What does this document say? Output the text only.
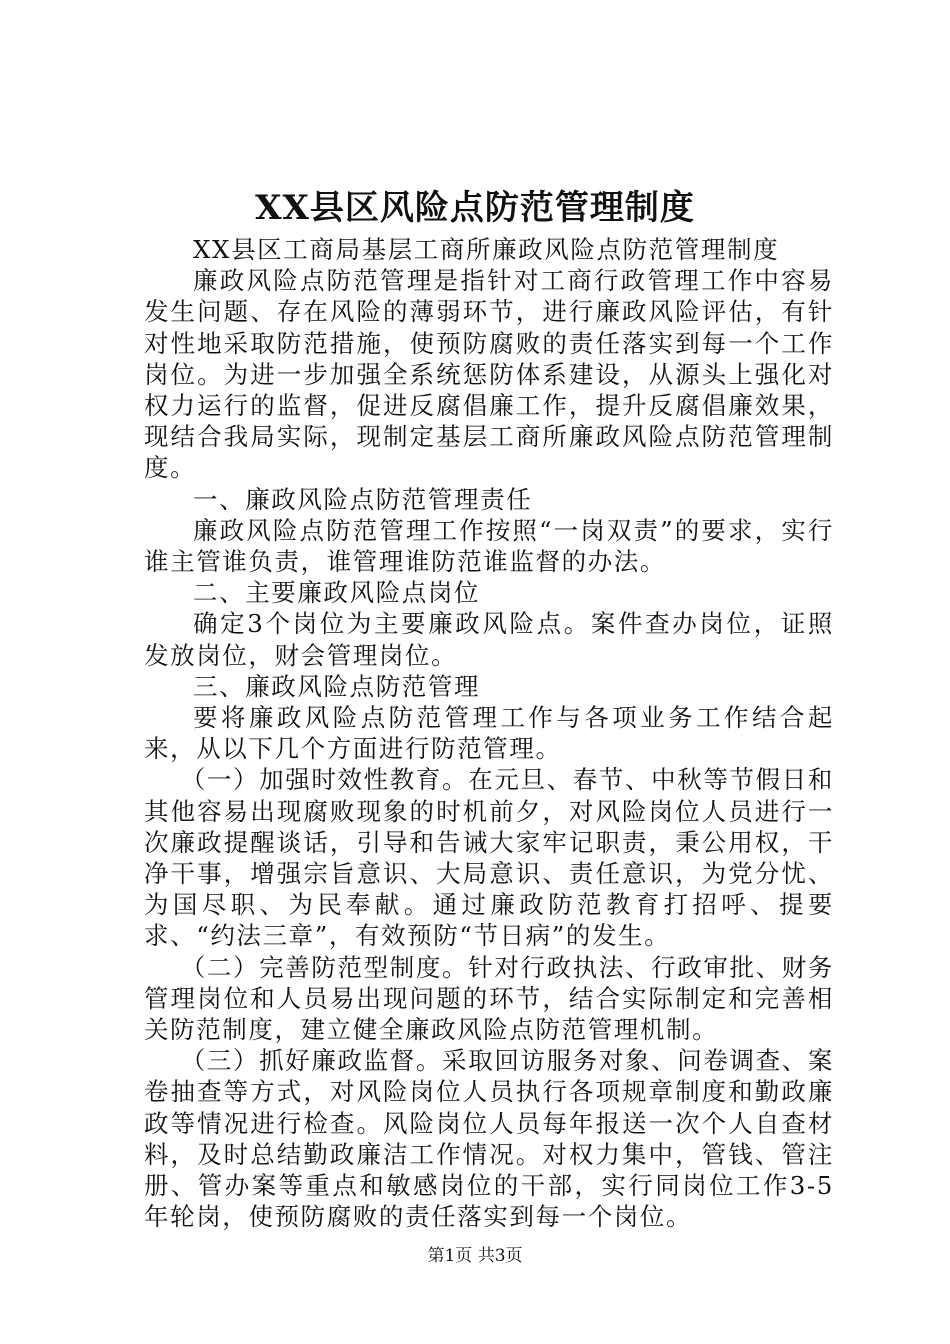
XX县区风险点防范管理制度

XX县区工商局基层工商所廉政风险点防范管理制度

廉政风险点防范管理是指针对工商行政管理工作中容易发生问题、存在风险的薄弱环节，进行廉政风险评估，有针对性地采取防范措施，使预防腐败的责任落实到每一个工作岗位。为进一步加强全系统惩防体系建设，从源头上强化对权力运行的监督，促进反腐倡廉工作，提升反腐倡廉效果，现结合我局实际，现制定基层工商所廉政风险点防范管理制度。

一、廉政风险点防范管理责任

廉政风险点防范管理工作按照“一岗双责”的要求，实行谁主管谁负责，谁管理谁防范谁监督的办法。

二、主要廉政风险点岗位

确定3个岗位为主要廉政风险点。案件查办岗位，证照发放岗位，财会管理岗位。

三、廉政风险点防范管理

要将廉政风险点防范管理工作与各项业务工作结合起来，从以下几个方面进行防范管理。

（一）加强时效性教育。在元旦、春节、中秋等节假日和其他容易出现腐败现象的时机前夕，对风险岗位人员进行一次廉政提醒谈话，引导和告诫大家牢记职责，秉公用权，干净干事，增强宗旨意识、大局意识、责任意识，为党分忧、为国尽职、为民奉献。通过廉政防范教育打招呼、提要求、“约法三章”，有效预防“节日病”的发生。

（二）完善防范型制度。针对行政执法、行政审批、财务管理岗位和人员易出现问题的环节，结合实际制定和完善相关防范制度，建立健全廉政风险点防范管理机制。

（三）抓好廉政监督。采取回访服务对象、问卷调查、案卷抽查等方式，对风险岗位人员执行各项规章制度和勤政廉政等情况进行检查。风险岗位人员每年报送一次个人自查材料，及时总结勤政廉洁工作情况。对权力集中，管钱、管注册、管办案等重点和敏感岗位的干部，实行同岗位工作3-5年轮岗，使预防腐败的责任落实到每一个岗位。

第1页 共3页
